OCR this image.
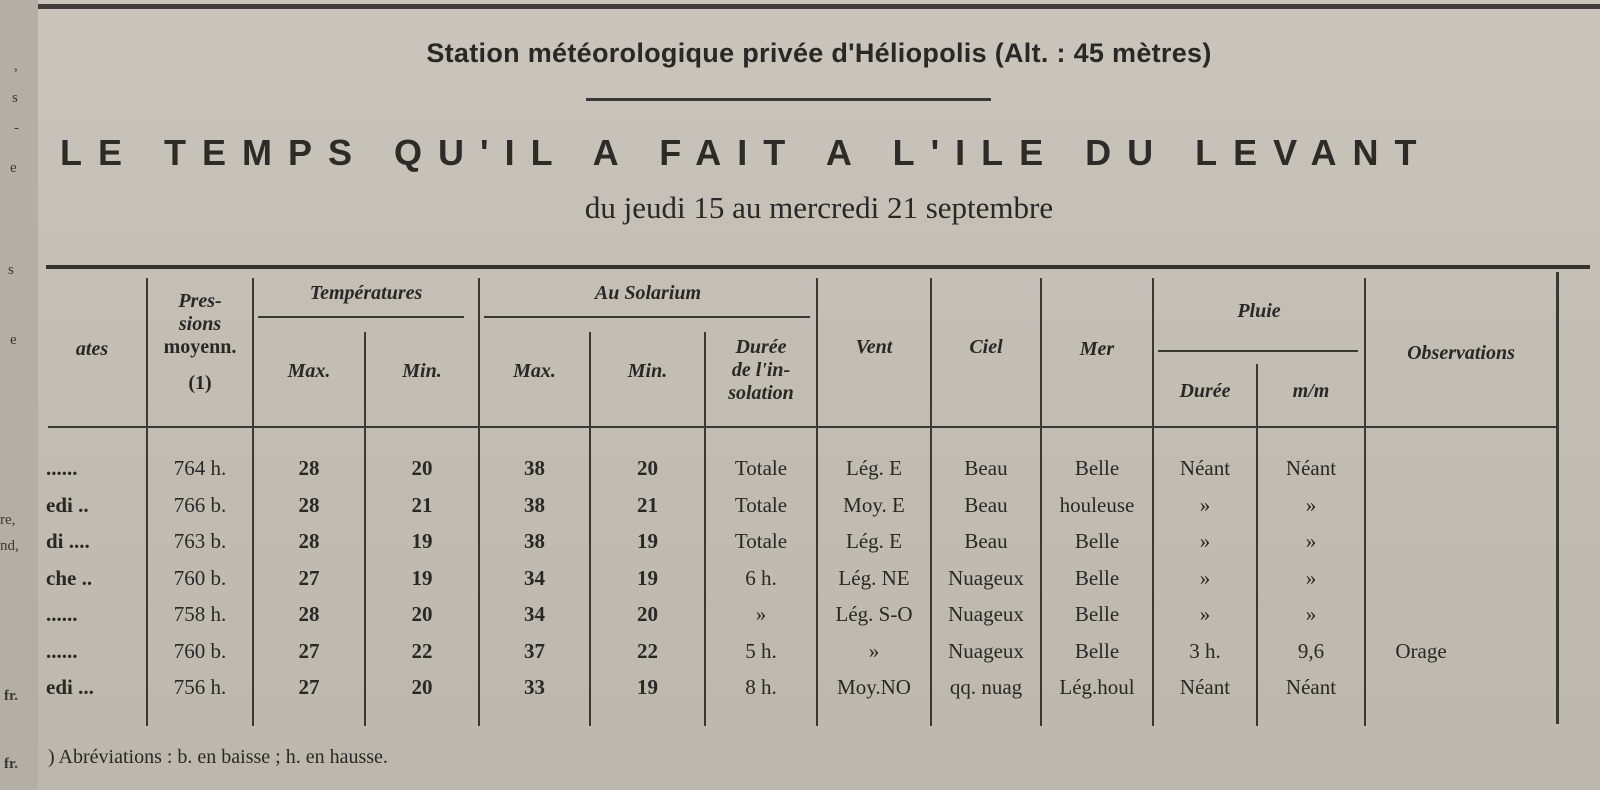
,
s
-
e
s
e
re,
nd,
fr.
fr.
Station météorologique privée d'Héliopolis (Alt. : 45 mètres)
LE TEMPS QU'IL A FAIT A L'ILE DU LEVANT
du jeudi 15 au mercredi 21 septembre
ates
Pres-
sions
moyenn.
(1)
Températures
Max.	Min.
Au Solarium
Max.	Min.
Durée
de l'in-
solation
Vent	Ciel	Mer
Pluie
Durée	m/m
Observations
......	764 h.	28	20	38	20	Totale	Lég. E	Beau	Belle	Néant	Néant
edi ..	766 b.	28	21	38	21	Totale	Moy. E	Beau	houleuse	»	»
di ....	763 b.	28	19	38	19	Totale	Lég. E	Beau	Belle	»	»
che ..	760 b.	27	19	34	19	6 h.	Lég. NE	Nuageux	Belle	»	»
......	758 h.	28	20	34	20	»	Lég. S-O	Nuageux	Belle	»	»
......	760 b.	27	22	37	22	5 h.	»	Nuageux	Belle	3 h.	9,6	Orage
edi ...	756 h.	27	20	33	19	8 h.	Moy.NO	qq. nuag	Lég.houl	Néant	Néant
) Abréviations : b. en baisse ; h. en hausse.
